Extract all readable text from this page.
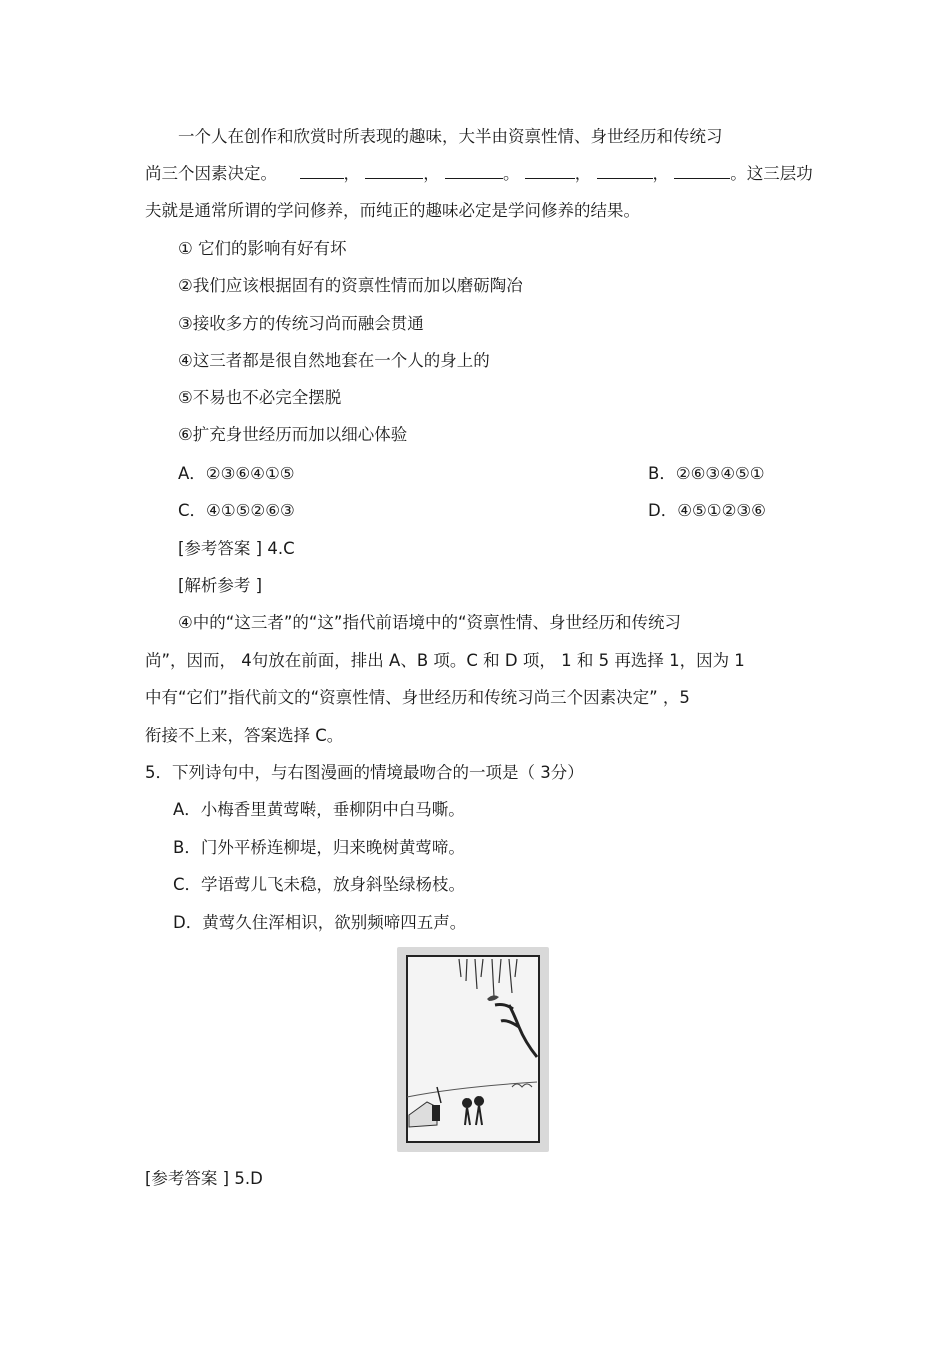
一个人在创作和欣赏时所表现的趣味，大半由资禀性情、身世经历和传统习
尚三个因素决定。	，	，	。	，	，	。这三层功
夫就是通常所谓的学问修养，而纯正的趣味必定是学问修养的结果。
① 它们的影响有好有坏
②我们应该根据固有的资禀性情而加以磨砺陶冶
③接收多方的传统习尚而融会贯通
④这三者都是很自然地套在一个人的身上的
⑤不易也不必完全摆脱
⑥扩充身世经历而加以细心体验
A．②③⑥④①⑤	B．②⑥③④⑤①
C．④①⑤②⑥③	D．④⑤①②③⑥
[参考答案 ] 4.C
[解析参考 ]
④中的“这三者”的“这”指代前语境中的“资禀性情、身世经历和传统习
尚”，因而， 4句放在前面，排出 A、B 项。C 和 D 项， 1 和 5 再选择 1，因为 1
中有“它们”指代前文的“资禀性情、身世经历和传统习尚三个因素决定” ，5
衔接不上来，答案选择 C。
5．下列诗句中，与右图漫画的情境最吻合的一项是（ 3分）
A．小梅香里黄莺啭，垂柳阴中白马嘶。
B．门外平桥连柳堤，归来晚树黄莺啼。
C．学语莺儿飞未稳，放身斜坠绿杨枝。
D．黄莺久住浑相识，欲别频啼四五声。
[参考答案 ] 5.D
